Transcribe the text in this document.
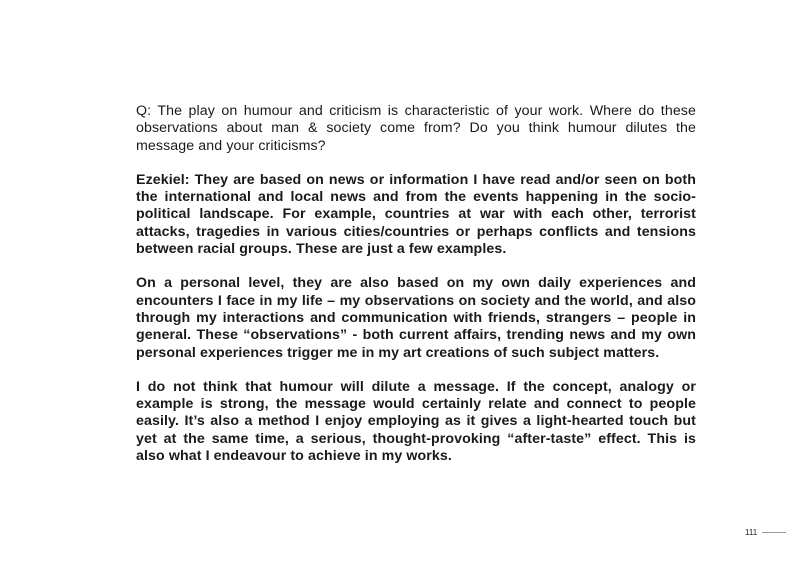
Q: The play on humour and criticism is characteristic of your work. Where do these observations about man & society come from? Do you think humour dilutes the message and your criticisms?

Ezekiel: They are based on news or information I have read and/or seen on both the international and local news and from the events happening in the socio-political landscape. For example, countries at war with each other, terrorist attacks, tragedies in various cities/countries or perhaps conflicts and tensions between racial groups. These are just a few examples.

On a personal level, they are also based on my own daily experiences and encounters I face in my life – my observations on society and the world, and also through my interactions and communication with friends, strangers – people in general. These “observations” - both current affairs, trending news and my own personal experiences trigger me in my art creations of such subject matters.

I do not think that humour will dilute a message. If the concept, analogy or example is strong, the message would certainly relate and connect to people easily. It’s also a method I enjoy employing as it gives a light-hearted touch but yet at the same time, a serious, thought-provoking “after-taste” effect. This is also what I endeavour to achieve in my works.

111
